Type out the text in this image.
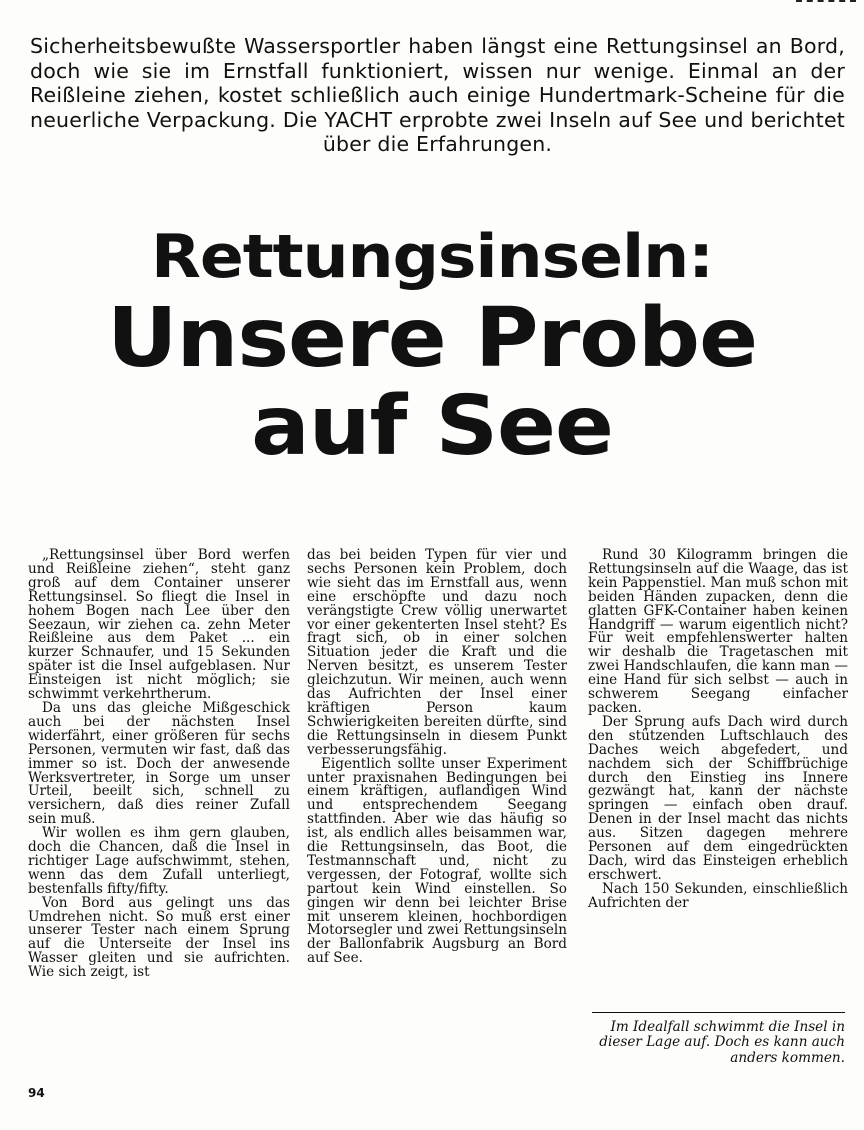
Sicherheitsbewußte Wassersportler haben längst eine Rettungsinsel an Bord, doch wie sie im Ernstfall funktioniert, wissen nur wenige. Einmal an der Reißleine ziehen, kostet schließlich auch einige Hundertmark-Scheine für die neuerliche Verpackung. Die YACHT erprobte zwei Inseln auf See und berichtet über die Erfahrungen.

Rettungsinseln:
Unsere Probe
auf See

„Rettungsinsel über Bord werfen und Reißleine ziehen“, steht ganz groß auf dem Container unserer Rettungsinsel. So fliegt die Insel in hohem Bogen nach Lee über den Seezaun, wir ziehen ca. zehn Meter Reißleine aus dem Paket ... ein kurzer Schnaufer, und 15 Sekunden später ist die Insel aufgeblasen. Nur Einsteigen ist nicht möglich; sie schwimmt verkehrtherum.

Da uns das gleiche Mißgeschick auch bei der nächsten Insel widerfährt, einer größeren für sechs Personen, vermuten wir fast, daß das immer so ist. Doch der anwesende Werksvertreter, in Sorge um unser Urteil, beeilt sich, schnell zu versichern, daß dies reiner Zufall sein muß.

Wir wollen es ihm gern glauben, doch die Chancen, daß die Insel in richtiger Lage aufschwimmt, stehen, wenn das dem Zufall unterliegt, bestenfalls fifty/fifty.

Von Bord aus gelingt uns das Umdrehen nicht. So muß erst einer unserer Tester nach einem Sprung auf die Unterseite der Insel ins Wasser gleiten und sie aufrichten. Wie sich zeigt, ist

das bei beiden Typen für vier und sechs Personen kein Problem, doch wie sieht das im Ernstfall aus, wenn eine erschöpfte und dazu noch verängstigte Crew völlig unerwartet vor einer gekenterten Insel steht? Es fragt sich, ob in einer solchen Situation jeder die Kraft und die Nerven besitzt, es unserem Tester gleichzutun. Wir meinen, auch wenn das Aufrichten der Insel einer kräftigen Person kaum Schwierigkeiten bereiten dürfte, sind die Rettungsinseln in diesem Punkt verbesserungsfähig.

Eigentlich sollte unser Experiment unter praxisnahen Bedingungen bei einem kräftigen, auflandigen Wind und entsprechendem Seegang stattfinden. Aber wie das häufig so ist, als endlich alles beisammen war, die Rettungsinseln, das Boot, die Testmannschaft und, nicht zu vergessen, der Fotograf, wollte sich partout kein Wind einstellen. So gingen wir denn bei leichter Brise mit unserem kleinen, hochbordigen Motorsegler und zwei Rettungsinseln der Ballonfabrik Augsburg an Bord auf See.

Rund 30 Kilogramm bringen die Rettungsinseln auf die Waage, das ist kein Pappenstiel. Man muß schon mit beiden Händen zupacken, denn die glatten GFK-Container haben keinen Handgriff — warum eigentlich nicht? Für weit empfehlenswerter halten wir deshalb die Tragetaschen mit zwei Handschlaufen, die kann man — eine Hand für sich selbst — auch in schwerem Seegang einfacher packen.

Der Sprung aufs Dach wird durch den stützenden Luftschlauch des Daches weich abgefedert, und nachdem sich der Schiffbrüchige durch den Einstieg ins Innere gezwängt hat, kann der nächste springen — einfach oben drauf. Denen in der Insel macht das nichts aus. Sitzen dagegen mehrere Personen auf dem eingedrückten Dach, wird das Einsteigen erheblich erschwert.

Nach 150 Sekunden, einschließlich Aufrichten der

Im Idealfall schwimmt die Insel in dieser Lage auf. Doch es kann auch anders kommen.

94
